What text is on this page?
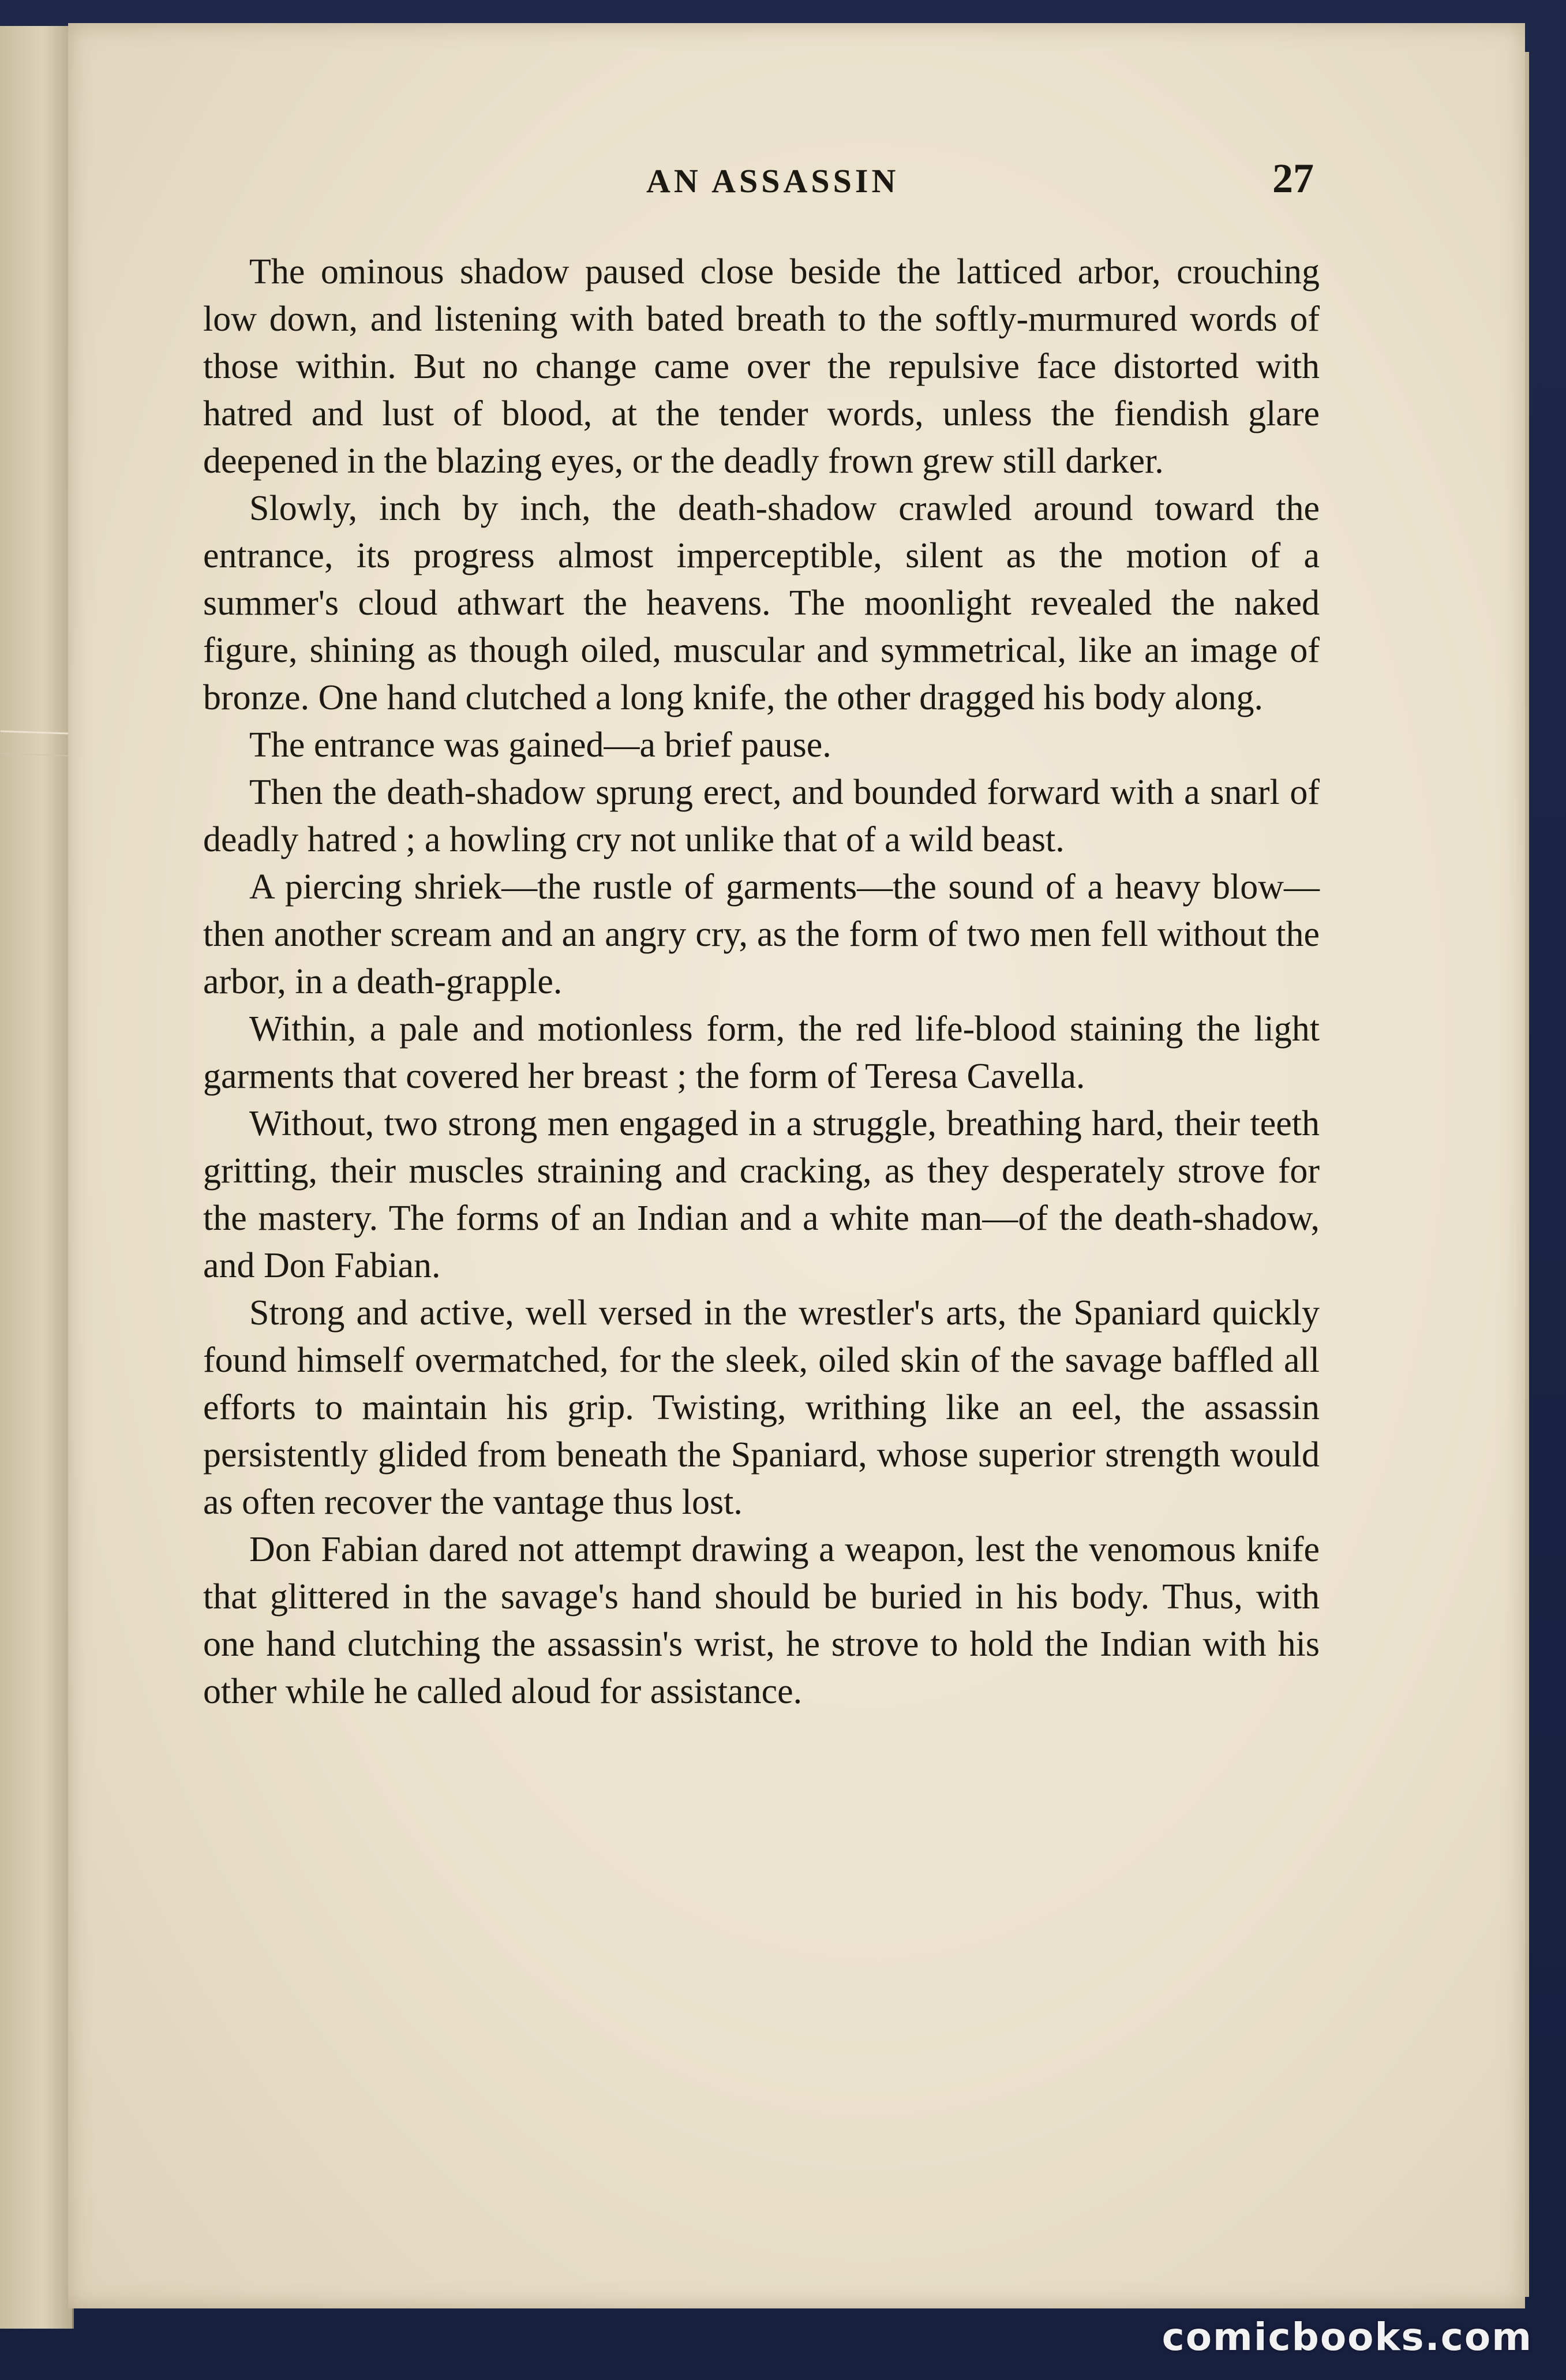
AN ASSASSIN	27

The ominous shadow paused close beside the latticed arbor, crouching low down, and listening with bated breath to the softly-murmured words of those within. But no change came over the repulsive face distorted with hatred and lust of blood, at the tender words, unless the fiendish glare deepened in the blazing eyes, or the deadly frown grew still darker.

Slowly, inch by inch, the death-shadow crawled around toward the entrance, its progress almost imperceptible, silent as the motion of a summer's cloud athwart the heavens. The moonlight revealed the naked figure, shining as though oiled, muscular and symmetrical, like an image of bronze. One hand clutched a long knife, the other dragged his body along.

The entrance was gained—a brief pause.

Then the death-shadow sprung erect, and bounded forward with a snarl of deadly hatred ; a howling cry not unlike that of a wild beast.

A piercing shriek—the rustle of garments—the sound of a heavy blow—then another scream and an angry cry, as the form of two men fell without the arbor, in a death-grapple.

Within, a pale and motionless form, the red life-blood staining the light garments that covered her breast ; the form of Teresa Cavella.

Without, two strong men engaged in a struggle, breathing hard, their teeth gritting, their muscles straining and cracking, as they desperately strove for the mastery. The forms of an Indian and a white man—of the death-shadow, and Don Fabian.

Strong and active, well versed in the wrestler's arts, the Spaniard quickly found himself overmatched, for the sleek, oiled skin of the savage baffled all efforts to maintain his grip. Twisting, writhing like an eel, the assassin persistently glided from beneath the Spaniard, whose superior strength would as often recover the vantage thus lost.

Don Fabian dared not attempt drawing a weapon, lest the venomous knife that glittered in the savage's hand should be buried in his body. Thus, with one hand clutching the assassin's wrist, he strove to hold the Indian with his other while he called aloud for assistance.

comicbooks.com
